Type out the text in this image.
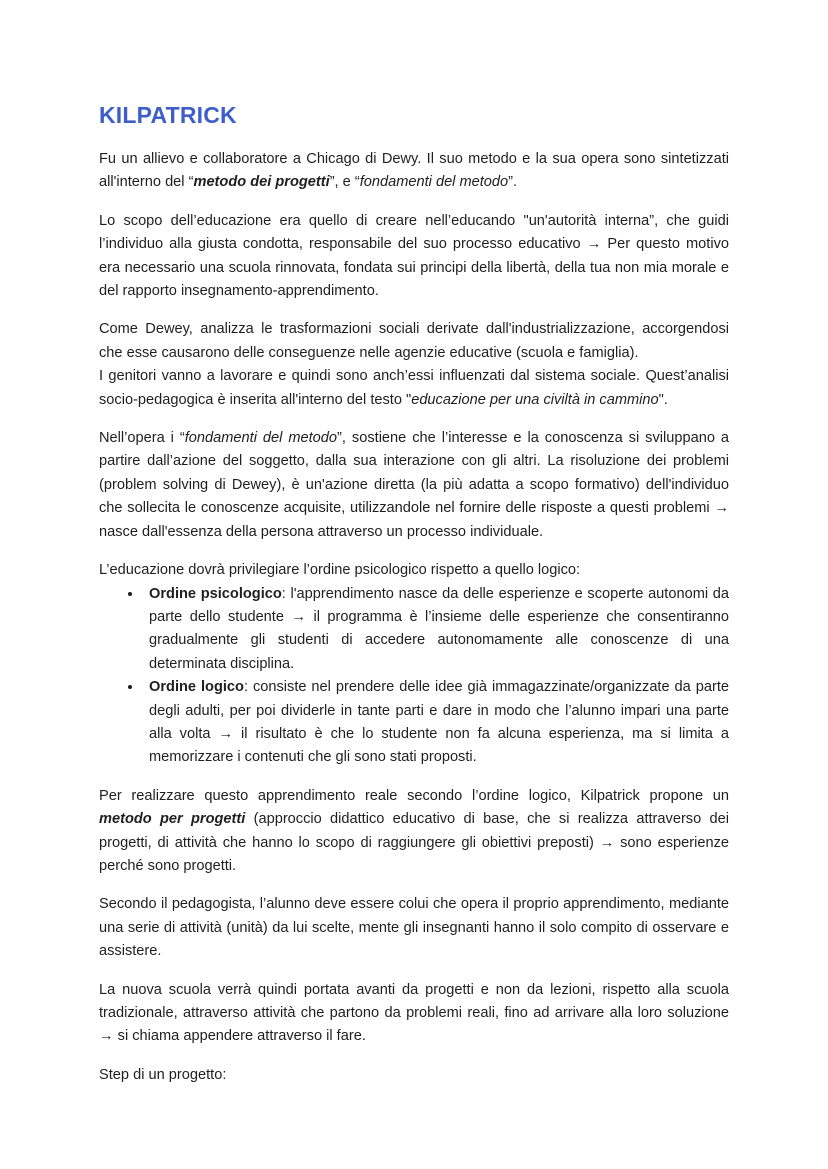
KILPATRICK

Fu un allievo e collaboratore a Chicago di Dewy. Il suo metodo e la sua opera sono sintetizzati all'interno del “metodo dei progetti”, e “fondamenti del metodo”.

Lo scopo dell’educazione era quello di creare nell’educando "un'autorità interna”, che guidi l’individuo alla giusta condotta, responsabile del suo processo educativo → Per questo motivo era necessario una scuola rinnovata, fondata sui principi della libertà, della tua non mia morale e del rapporto insegnamento-apprendimento.

Come Dewey, analizza le trasformazioni sociali derivate dall'industrializzazione, accorgendosi che esse causarono delle conseguenze nelle agenzie educative (scuola e famiglia).
I genitori vanno a lavorare e quindi sono anch’essi influenzati dal sistema sociale. Quest’analisi socio-pedagogica è inserita all'interno del testo "educazione per una civiltà in cammino".

Nell’opera i “fondamenti del metodo”, sostiene che l’interesse e la conoscenza si sviluppano a partire dall’azione del soggetto, dalla sua interazione con gli altri. La risoluzione dei problemi (problem solving di Dewey), è un'azione diretta (la più adatta a scopo formativo) dell'individuo che sollecita le conoscenze acquisite, utilizzandole nel fornire delle risposte a questi problemi → nasce dall'essenza della persona attraverso un processo individuale.

L’educazione dovrà privilegiare l’ordine psicologico rispetto a quello logico:

• Ordine psicologico: l'apprendimento nasce da delle esperienze e scoperte autonomi da parte dello studente → il programma è l’insieme delle esperienze che consentiranno gradualmente gli studenti di accedere autonomamente alle conoscenze di una determinata disciplina.
• Ordine logico: consiste nel prendere delle idee già immagazzinate/organizzate da parte degli adulti, per poi dividerle in tante parti e dare in modo che l’alunno impari una parte alla volta → il risultato è che lo studente non fa alcuna esperienza, ma si limita a memorizzare i contenuti che gli sono stati proposti.

Per realizzare questo apprendimento reale secondo l’ordine logico, Kilpatrick propone un metodo per progetti (approccio didattico educativo di base, che si realizza attraverso dei progetti, di attività che hanno lo scopo di raggiungere gli obiettivi preposti) → sono esperienze perché sono progetti.

Secondo il pedagogista, l’alunno deve essere colui che opera il proprio apprendimento, mediante una serie di attività (unità) da lui scelte, mente gli insegnanti hanno il solo compito di osservare e assistere.

La nuova scuola verrà quindi portata avanti da progetti e non da lezioni, rispetto alla scuola tradizionale, attraverso attività che partono da problemi reali, fino ad arrivare alla loro soluzione → si chiama appendere attraverso il fare.

Step di un progetto:
